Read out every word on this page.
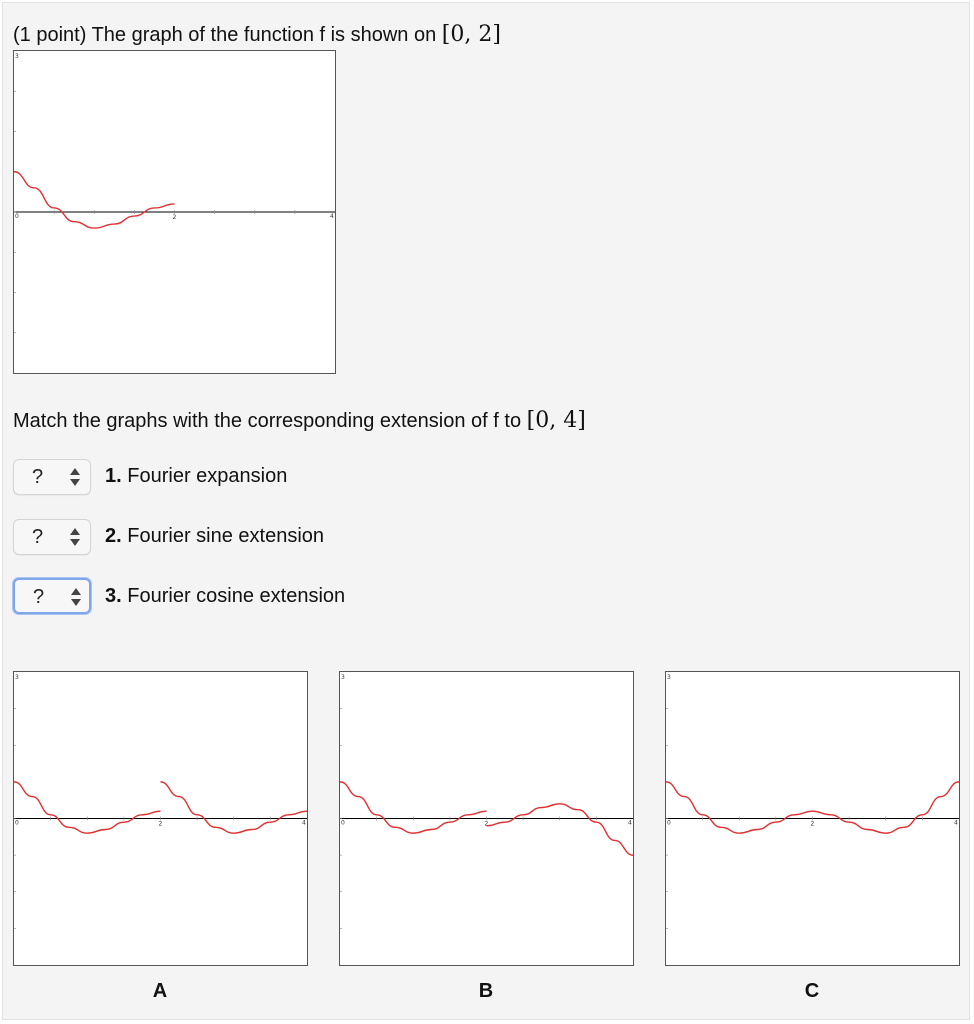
(1 point) The graph of the function f is shown on [0, 2]
3
0	2	4
Match the graphs with the corresponding extension of f to [0, 4]
?	1. Fourier expansion
?	2. Fourier sine extension
?	3. Fourier cosine extension
3
0	2	4
3
0	2	4
3
0	2	4
A	B	C
